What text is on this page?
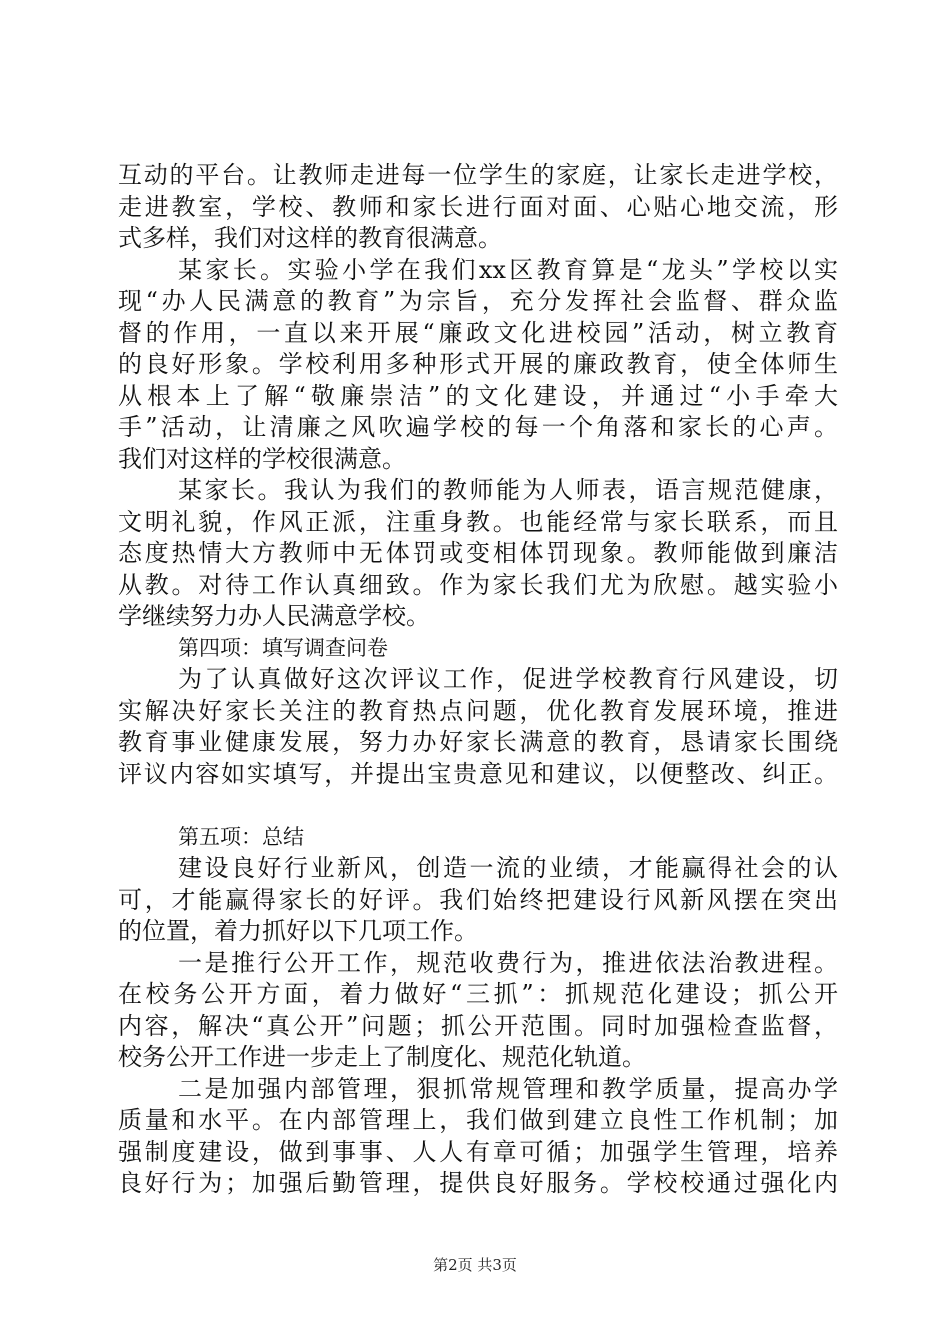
互动的平台。让教师走进每一位学生的家庭，让家长走进学校，
走进教室，学校、教师和家长进行面对面、心贴心地交流，形
式多样，我们对这样的教育很满意。
某家长。实验小学在我们xx区教育算是“龙头”学校以实
现“办人民满意的教育”为宗旨，充分发挥社会监督、群众监
督的作用，一直以来开展“廉政文化进校园”活动，树立教育
的良好形象。学校利用多种形式开展的廉政教育，使全体师生
从根本上了解“敬廉崇洁”的文化建设，并通过“小手牵大
手”活动，让清廉之风吹遍学校的每一个角落和家长的心声。
我们对这样的学校很满意。
某家长。我认为我们的教师能为人师表，语言规范健康，
文明礼貌，作风正派，注重身教。也能经常与家长联系，而且
态度热情大方教师中无体罚或变相体罚现象。教师能做到廉洁
从教。对待工作认真细致。作为家长我们尤为欣慰。越实验小
学继续努力办人民满意学校。
第四项：填写调查问卷
为了认真做好这次评议工作，促进学校教育行风建设，切
实解决好家长关注的教育热点问题，优化教育发展环境，推进
教育事业健康发展，努力办好家长满意的教育，恳请家长围绕
评议内容如实填写，并提出宝贵意见和建议，以便整改、纠正。
第五项：总结
建设良好行业新风，创造一流的业绩，才能赢得社会的认
可，才能赢得家长的好评。我们始终把建设行风新风摆在突出
的位置，着力抓好以下几项工作。
一是推行公开工作，规范收费行为，推进依法治教进程。
在校务公开方面，着力做好“三抓”：抓规范化建设；抓公开
内容，解决“真公开”问题；抓公开范围。同时加强检查监督，
校务公开工作进一步走上了制度化、规范化轨道。
二是加强内部管理，狠抓常规管理和教学质量，提高办学
质量和水平。在内部管理上，我们做到建立良性工作机制；加
强制度建设，做到事事、人人有章可循；加强学生管理，培养
良好行为；加强后勤管理，提供良好服务。学校校通过强化内
第2页 共3页
